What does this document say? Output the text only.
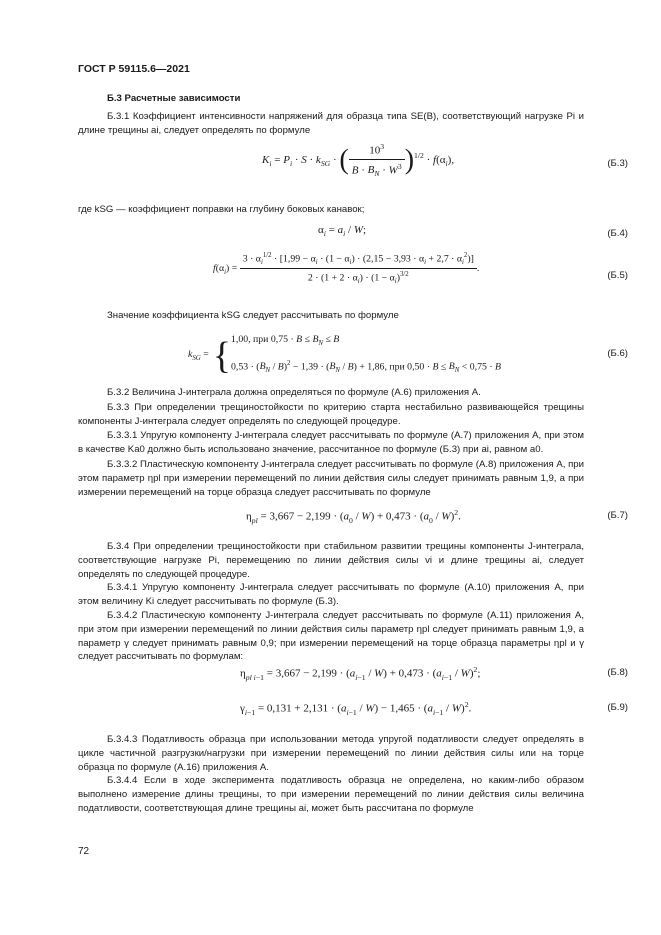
ГОСТ Р 59115.6—2021
Б.3 Расчетные зависимости
Б.3.1 Коэффициент интенсивности напряжений для образца типа SE(B), соответствующий нагрузке Pi и длине трещины ai, следует определять по формуле
$K_i = P_i \cdot S \cdot k_{SG}$ · ( $\frac{10^3}{B \cdot B_N \cdot W^3} )^{1/2} \cdot f(\alpha_i)$,	(Б.3)
где kSG — коэффициент поправки на глубину боковых канавок;
$\alpha_i = a_i / W$;	(Б.4)
$f(\alpha_i)$ =
$3 \cdot \alpha_i^{1/2} \cdot [1,99 - \alpha_i \cdot (1 - \alpha_i) \cdot (2,15 - 3,93 \cdot \alpha_i + 2,7 \cdot \alpha_i^2)]$
$2 \cdot (1 + 2 \cdot \alpha_i) \cdot (1 - \alpha_i)^{3/2}$
.
(Б.5)
Значение коэффициента kSG следует рассчитывать по формуле
$k_{SG}$ =	{	1,00, при $0,75 \cdot B \le B_N \le B$
$0,53 \cdot (B_N / B)^2 - 1,39 \cdot (B_N / B) + 1,86$, при $0,50 \cdot B \le B_N < 0,75 \cdot B$
(Б.6)
Б.3.2 Величина J-интеграла должна определяться по формуле (А.6) приложения А.
Б.3.3 При определении трещиностойкости по критерию старта нестабильно развивающейся трещины компоненты J-интеграла следует определять по следующей процедуре.
Б.3.3.1 Упругую компоненту J-интеграла следует рассчитывать по формуле (А.7) приложения А, при этом в качестве Ka0 должно быть использовано значение, рассчитанное по формуле (Б.3) при ai, равном a0.
Б.3.3.2 Пластическую компоненту J-интеграла следует рассчитывать по формуле (А.8) приложения А, при этом параметр ηpl при измерении перемещений по линии действия силы следует принимать равным 1,9, а при измерении перемещений на торце образца следует рассчитывать по формуле
$\eta_{pl} = 3,667 - 2,199 \cdot (a_0 / W) + 0,473 \cdot (a_0 / W)^2$.	(Б.7)
Б.3.4 При определении трещиностойкости при стабильном развитии трещины компоненты J-интеграла, соответствующие нагрузке Pi, перемещению по линии действия силы vi и длине трещины ai, следует определять по следующей процедуре.
Б.3.4.1 Упругую компоненту J-интеграла следует рассчитывать по формуле (А.10) приложения А, при этом величину Ki следует рассчитывать по формуле (Б.3).
Б.3.4.2 Пластическую компоненту J-интеграла следует рассчитывать по формуле (А.11) приложения А, при этом при измерении перемещений по линии действия силы параметр ηpl следует принимать равным 1,9, а параметр γ следует принимать равным 0,9; при измерении перемещений на торце образца параметры ηpl и γ следует рассчитывать по формулам:
$\eta_{pl i-1} = 3,667 - 2,199 \cdot (a_{i-1} / W) + 0,473 \cdot (a_{i-1} / W)^2$;	(Б.8)
$\gamma_{i-1} = 0,131 + 2,131 \cdot (a_{i-1} / W) - 1,465 \cdot (a_{i-1} / W)^2$.	(Б.9)
Б.3.4.3 Податливость образца при использовании метода упругой податливости следует определять в цикле частичной разгрузки/нагрузки при измерении перемещений по линии действия силы или на торце образца по формуле (А.16) приложения А.
Б.3.4.4 Если в ходе эксперимента податливость образца не определена, но каким-либо образом выполнено измерение длины трещины, то при измерении перемещений по линии действия силы величина податливости, соответствующая длине трещины ai, может быть рассчитана по формуле
72
